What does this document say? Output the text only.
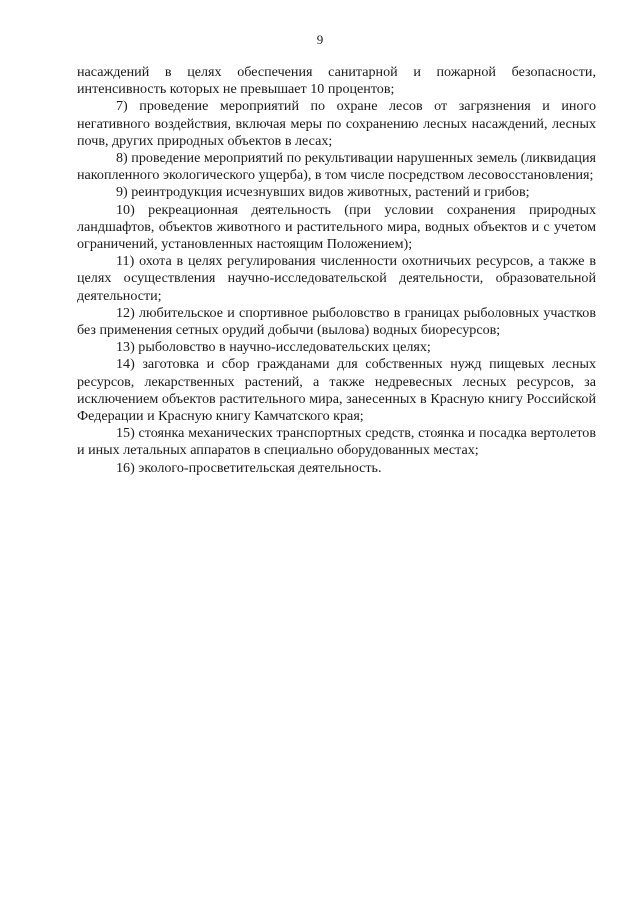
9

насаждений в целях обеспечения санитарной и пожарной безопасности, интенсивность которых не превышает 10 процентов;

7) проведение мероприятий по охране лесов от загрязнения и иного негативного воздействия, включая меры по сохранению лесных насаждений, лесных почв, других природных объектов в лесах;

8) проведение мероприятий по рекультивации нарушенных земель (ликвидация накопленного экологического ущерба), в том числе посредством лесовосстановления;

9) реинтродукция исчезнувших видов животных, растений и грибов;

10) рекреационная деятельность (при условии сохранения природных ландшафтов, объектов животного и растительного мира, водных объектов и с учетом ограничений, установленных настоящим Положением);

11) охота в целях регулирования численности охотничьих ресурсов, а также в целях осуществления научно-исследовательской деятельности, образовательной деятельности;

12) любительское и спортивное рыболовство в границах рыболовных участков без применения сетных орудий добычи (вылова) водных биоресурсов;

13) рыболовство в научно-исследовательских целях;

14) заготовка и сбор гражданами для собственных нужд пищевых лесных ресурсов, лекарственных растений, а также недревесных лесных ресурсов, за исключением объектов растительного мира, занесенных в Красную книгу Российской Федерации и Красную книгу Камчатского края;

15) стоянка механических транспортных средств, стоянка и посадка вертолетов и иных летальных аппаратов в специально оборудованных местах;

16) эколого-просветительская деятельность.
